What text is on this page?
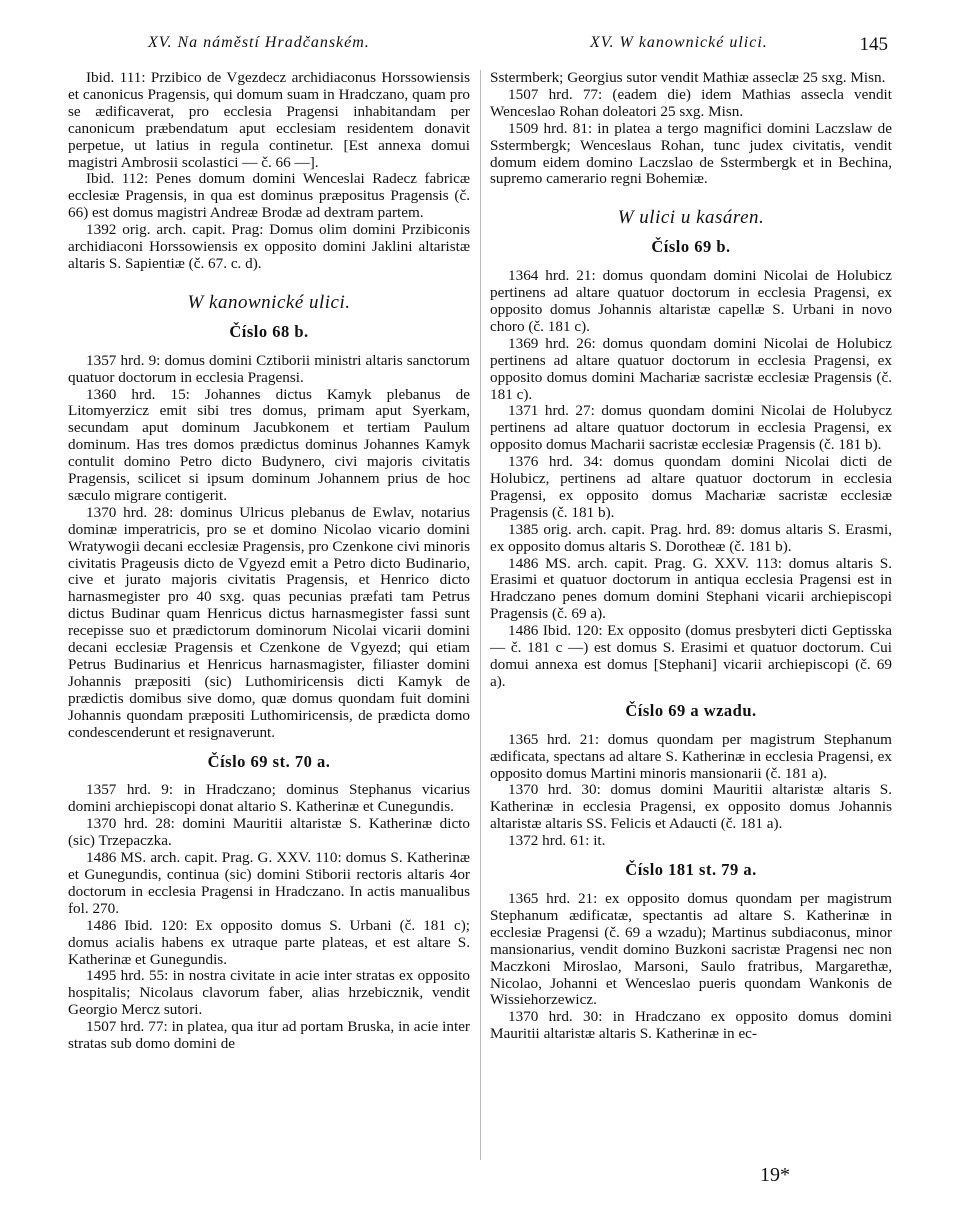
XV. Na náměstí Hradčanském.	XV. W kanownické ulici.	145

Ibid. 111: Przibico de Vgezdecz archidiaconus Horssowiensis et canonicus Pragensis, qui domum suam in Hradczano, quam pro se ædificaverat, pro ecclesia Pragensi inhabitandam per canonicum præbendatum aput ecclesiam residentem donavit perpetue, ut latius in regula continetur. [Est annexa domui magistri Ambrosii scolastici — č. 66 —].

Ibid. 112: Penes domum domini Wenceslai Radecz fabricæ ecclesiæ Pragensis, in qua est dominus præpositus Pragensis (č. 66) est domus magistri Andreæ Brodæ ad dextram partem.

1392 orig. arch. capit. Prag: Domus olim domini Przibiconis archidiaconi Horssowiensis ex opposito domini Jaklini altaristæ altaris S. Sapientiæ (č. 67. c. d).

W kanownické ulici.
Číslo 68 b.

1357 hrd. 9: domus domini Cztiborii ministri altaris sanctorum quatuor doctorum in ecclesia Pragensi.

1360 hrd. 15: Johannes dictus Kamyk plebanus de Litomyerzicz emit sibi tres domus, primam aput Syerkam, secundam aput dominum Jacubkonem et tertiam Paulum dominum. Has tres domos prædictus dominus Johannes Kamyk contulit domino Petro dicto Budynero, civi majoris civitatis Pragensis, scilicet si ipsum dominum Johannem prius de hoc sæculo migrare contigerit.

1370 hrd. 28: dominus Ulricus plebanus de Ewlav, notarius dominæ imperatricis, pro se et domino Nicolao vicario domini Wratywogii decani ecclesiæ Pragensis, pro Czenkone civi minoris civitatis Prageusis dicto de Vgyezd emit a Petro dicto Budinario, cive et jurato majoris civitatis Pragensis, et Henrico dicto harnasmegister pro 40 sxg. quas pecunias præfati tam Petrus dictus Budinar quam Henricus dictus harnasmegister fassi sunt recepisse suo et prædictorum dominorum Nicolai vicarii domini decani ecclesiæ Pragensis et Czenkone de Vgyezd; qui etiam Petrus Budinarius et Henricus harnasmagister, filiaster domini Johannis præpositi (sic) Luthomiricensis dicti Kamyk de prædictis domibus sive domo, quæ domus quondam fuit domini Johannis quondam præpositi Luthomiricensis, de prædicta domo condescenderunt et resignaverunt.

Číslo 69 st. 70 a.

1357 hrd. 9: in Hradczano; dominus Stephanus vicarius domini archiepiscopi donat altario S. Katherinæ et Cunegundis.

1370 hrd. 28: domini Mauritii altaristæ S. Katherinæ dicto (sic) Trzepaczka.

1486 MS. arch. capit. Prag. G. XXV. 110: domus S. Katherinæ et Gunegundis, continua (sic) domini Stiborii rectoris altaris 4or doctorum in ecclesia Pragensi in Hradczano. In actis manualibus fol. 270.

1486 Ibid. 120: Ex opposito domus S. Urbani (č. 181 c); domus acialis habens ex utraque parte plateas, et est altare S. Katherinæ et Gunegundis.

1495 hrd. 55: in nostra civitate in acie inter stratas ex opposito hospitalis; Nicolaus clavorum faber, alias hrzebicznik, vendit Georgio Mercz sutori.

1507 hrd. 77: in platea, qua itur ad portam Bruska, in acie inter stratas sub domo domini de

Sstermberk; Georgius sutor vendit Mathiæ asseclæ 25 sxg. Misn.

1507 hrd. 77: (eadem die) idem Mathias assecla vendit Wenceslao Rohan doleatori 25 sxg. Misn.

1509 hrd. 81: in platea a tergo magnifici domini Laczslaw de Sstermbergk; Wenceslaus Rohan, tunc judex civitatis, vendit domum eidem domino Laczslao de Sstermbergk et in Bechina, supremo camerario regni Bohemiæ.

W ulici u kasáren.
Číslo 69 b.

1364 hrd. 21: domus quondam domini Nicolai de Holubicz pertinens ad altare quatuor doctorum in ecclesia Pragensi, ex opposito domus Johannis altaristæ capellæ S. Urbani in novo choro (č. 181 c).

1369 hrd. 26: domus quondam domini Nicolai de Holubicz pertinens ad altare quatuor doctorum in ecclesia Pragensi, ex opposito domus domini Machariæ sacristæ ecclesiæ Pragensis (č. 181 c).

1371 hrd. 27: domus quondam domini Nicolai de Holubycz pertinens ad altare quatuor doctorum in ecclesia Pragensi, ex opposito domus Macharii sacristæ ecclesiæ Pragensis (č. 181 b).

1376 hrd. 34: domus quondam domini Nicolai dicti de Holubicz, pertinens ad altare quatuor doctorum in ecclesia Pragensi, ex opposito domus Machariæ sacristæ ecclesiæ Pragensis (č. 181 b).

1385 orig. arch. capit. Prag. hrd. 89: domus altaris S. Erasmi, ex opposito domus altaris S. Dorotheæ (č. 181 b).

1486 MS. arch. capit. Prag. G. XXV. 113: domus altaris S. Erasimi et quatuor doctorum in antiqua ecclesia Pragensi est in Hradczano penes domum domini Stephani vicarii archiepiscopi Pragensis (č. 69 a).

1486 Ibid. 120: Ex opposito (domus presbyteri dicti Geptisska — č. 181 c —) est domus S. Erasimi et quatuor doctorum. Cui domui annexa est domus [Stephani] vicarii archiepiscopi (č. 69 a).

Číslo 69 a wzadu.

1365 hrd. 21: domus quondam per magistrum Stephanum ædificata, spectans ad altare S. Katherinæ in ecclesia Pragensi, ex opposito domus Martini minoris mansionarii (č. 181 a).

1370 hrd. 30: domus domini Mauritii altaristæ altaris S. Katherinæ in ecclesia Pragensi, ex opposito domus Johannis altaristæ altaris SS. Felicis et Adaucti (č. 181 a).

1372 hrd. 61: it.

Číslo 181 st. 79 a.

1365 hrd. 21: ex opposito domus quondam per magistrum Stephanum ædificatæ, spectantis ad altare S. Katherinæ in ecclesiæ Pragensi (č. 69 a wzadu); Martinus subdiaconus, minor mansionarius, vendit domino Buzkoni sacristæ Pragensi nec non Maczkoni Miroslao, Marsoni, Saulo fratribus, Margarethæ, Nicolao, Johanni et Wenceslao pueris quondam Wankonis de Wissiehorzewicz.

1370 hrd. 30: in Hradczano ex opposito domus domini Mauritii altaristæ altaris S. Katherinæ in ec-

19*
